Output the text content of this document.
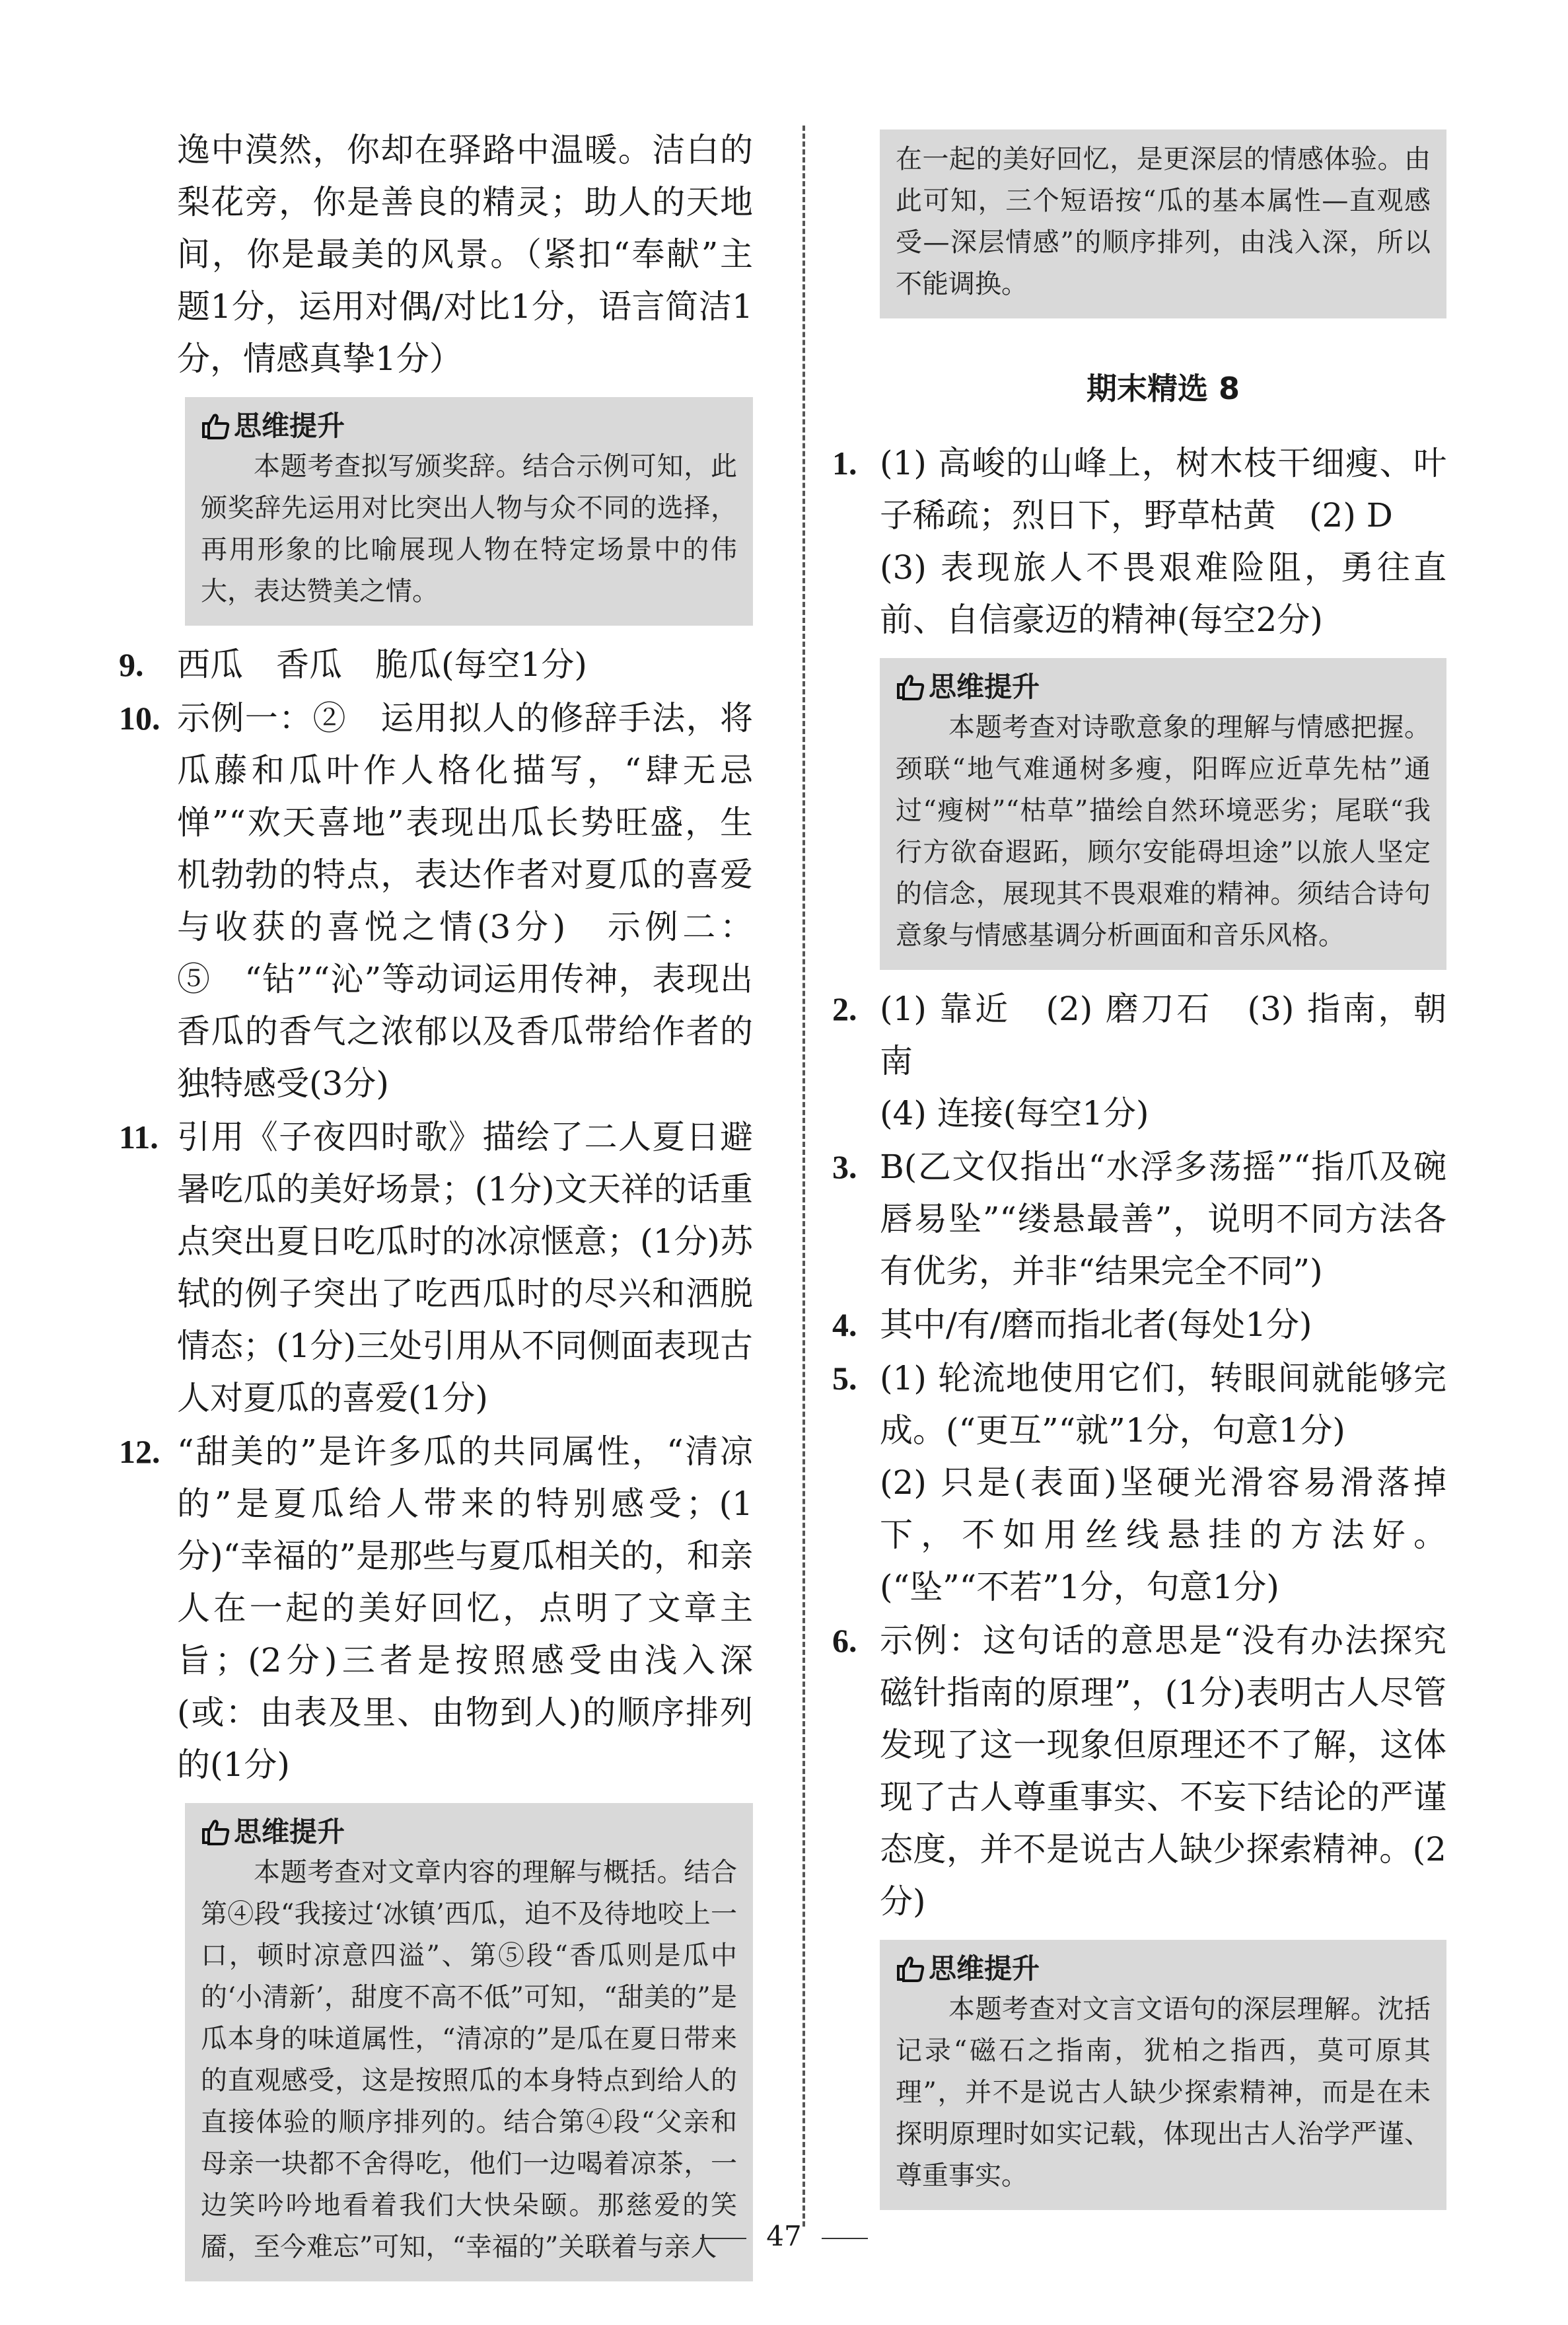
逸中漠然，你却在驿路中温暖。洁白的梨花旁，你是善良的精灵；助人的天地间，你是最美的风景。（紧扣“奉献”主题1分，运用对偶/对比1分，语言简洁1分，情感真挚1分）

思维提升

本题考查拟写颁奖辞。结合示例可知，此颁奖辞先运用对比突出人物与众不同的选择，再用形象的比喻展现人物在特定场景中的伟大，表达赞美之情。

9.	西瓜　香瓜　脆瓜(每空1分)

10. 示例一：②　运用拟人的修辞手法，将瓜藤和瓜叶作人格化描写，“肆无忌惮”“欢天喜地”表现出瓜长势旺盛，生机勃勃的特点，表达作者对夏瓜的喜爱与收获的喜悦之情(3分)　示例二：⑤　“钻”“沁”等动词运用传神，表现出香瓜的香气之浓郁以及香瓜带给作者的独特感受(3分)

11. 引用《子夜四时歌》描绘了二人夏日避暑吃瓜的美好场景；(1分)文天祥的话重点突出夏日吃瓜时的冰凉惬意；(1分)苏轼的例子突出了吃西瓜时的尽兴和洒脱情态；(1分)三处引用从不同侧面表现古人对夏瓜的喜爱(1分)

12. “甜美的”是许多瓜的共同属性，“清凉的”是夏瓜给人带来的特别感受；(1分)“幸福的”是那些与夏瓜相关的，和亲人在一起的美好回忆，点明了文章主旨；(2分)三者是按照感受由浅入深(或：由表及里、由物到人)的顺序排列的(1分)

思维提升

本题考查对文章内容的理解与概括。结合第④段“我接过‘冰镇’西瓜，迫不及待地咬上一口，顿时凉意四溢”、第⑤段“香瓜则是瓜中的‘小清新’，甜度不高不低”可知，“甜美的”是瓜本身的味道属性，“清凉的”是瓜在夏日带来的直观感受，这是按照瓜的本身特点到给人的直接体验的顺序排列的。结合第④段“父亲和母亲一块都不舍得吃，他们一边喝着凉茶，一边笑吟吟地看着我们大快朵颐。那慈爱的笑靥，至今难忘”可知，“幸福的”关联着与亲人

在一起的美好回忆，是更深层的情感体验。由此可知，三个短语按“瓜的基本属性—直观感受—深层情感”的顺序排列，由浅入深，所以不能调换。

期末精选 8
1. (1) 高峻的山峰上，树木枝干细瘦、叶子稀疏；烈日下，野草枯黄　(2) D

(3) 表现旅人不畏艰难险阻，勇往直前、自信豪迈的精神(每空2分)

思维提升

本题考查对诗歌意象的理解与情感把握。颈联“地气难通树多瘦，阳晖应近草先枯”通过“瘦树”“枯草”描绘自然环境恶劣；尾联“我行方欲奋遐跖，顾尔安能碍坦途”以旅人坚定的信念，展现其不畏艰难的精神。须结合诗句意象与情感基调分析画面和音乐风格。

2. (1) 靠近　(2) 磨刀石　(3) 指南，朝南

(4) 连接(每空1分)

3. B(乙文仅指出“水浮多荡摇”“指爪及碗唇易坠”“缕悬最善”，说明不同方法各有优劣，并非“结果完全不同”)

4. 其中/有/磨而指北者(每处1分)

5. (1) 轮流地使用它们，转眼间就能够完成。(“更互”“就”1分，句意1分)

(2) 只是(表面)坚硬光滑容易滑落掉下，不如用丝线悬挂的方法好。(“坠”“不若”1分，句意1分)

6. 示例：这句话的意思是“没有办法探究磁针指南的原理”，(1分)表明古人尽管发现了这一现象但原理还不了解，这体现了古人尊重事实、不妄下结论的严谨态度，并不是说古人缺少探索精神。(2分)

思维提升

本题考查对文言文语句的深层理解。沈括记录“磁石之指南，犹柏之指西，莫可原其理”，并不是说古人缺少探索精神，而是在未探明原理时如实记载，体现出古人治学严谨、尊重事实。

47
